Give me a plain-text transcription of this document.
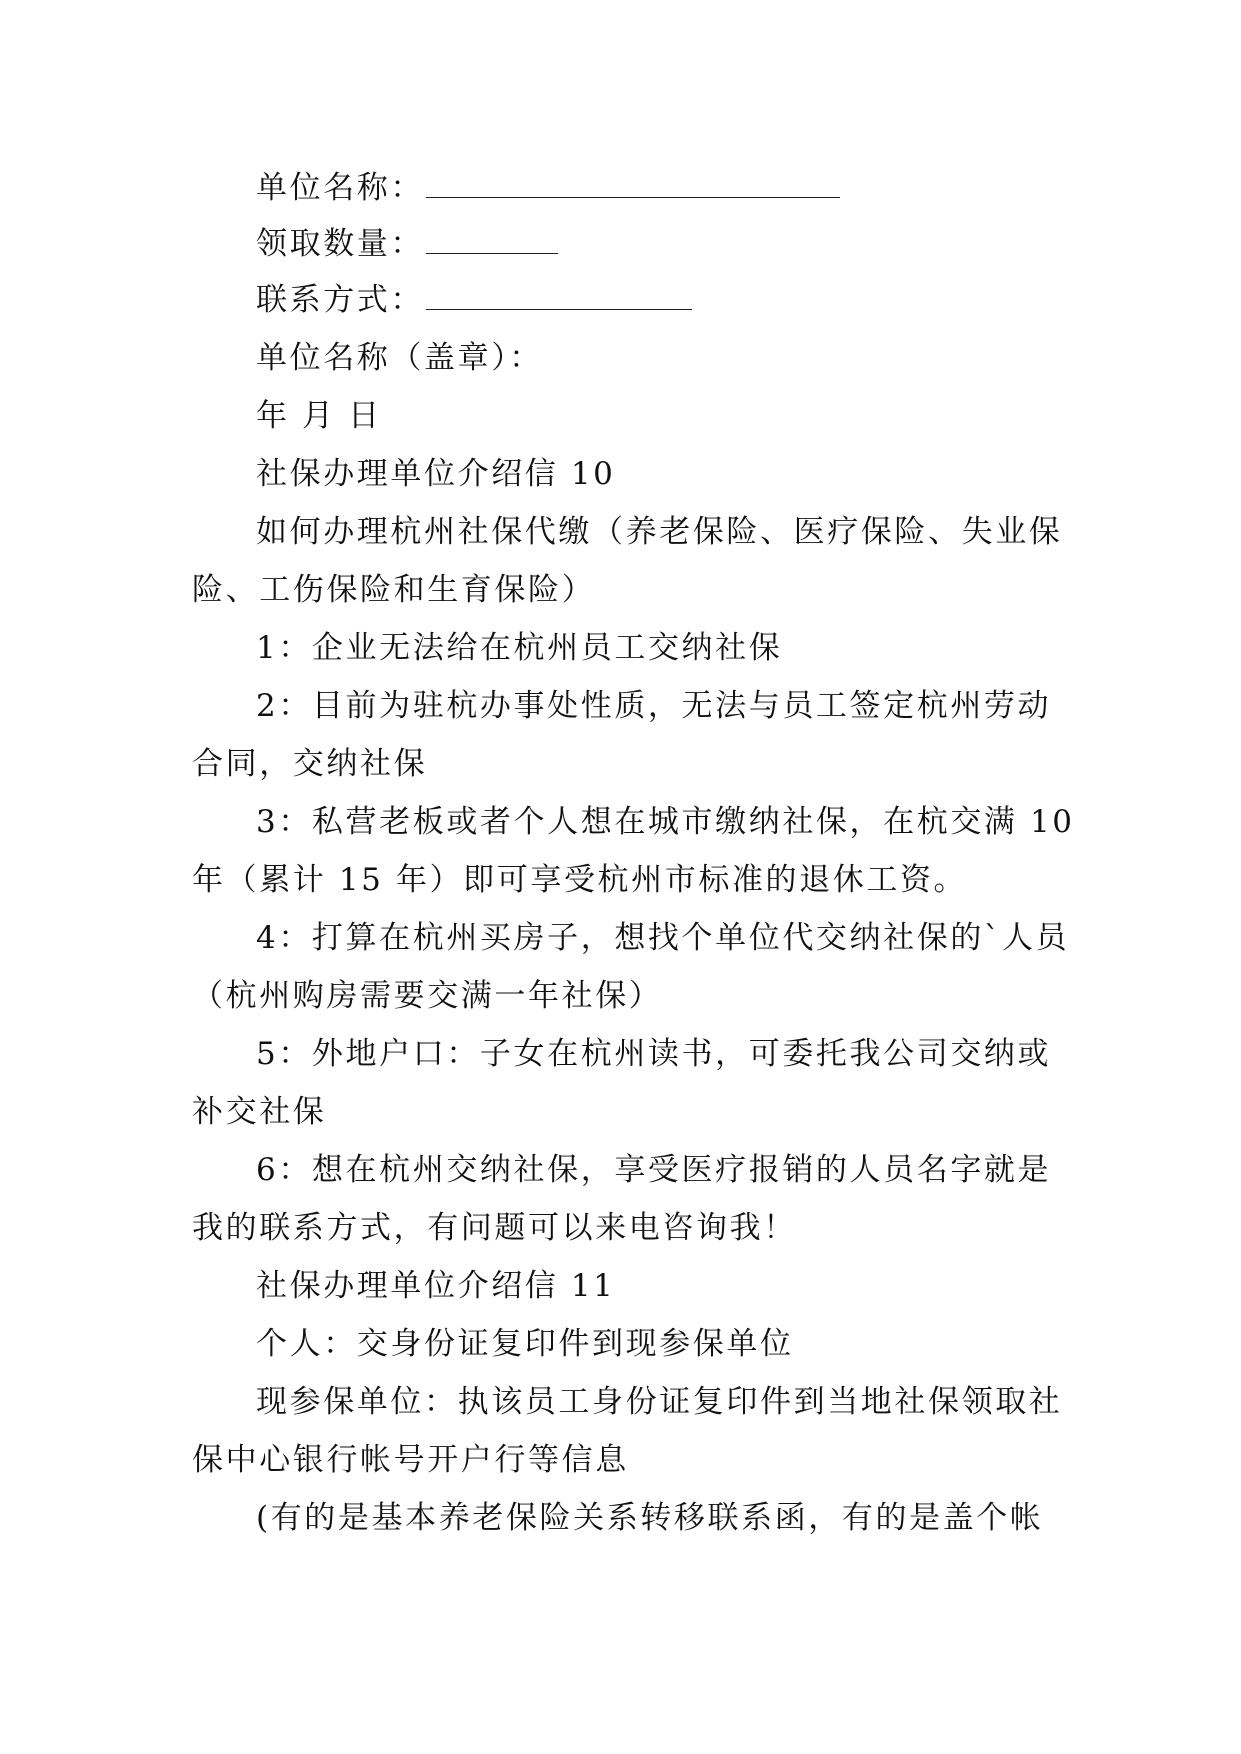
单位名称：
领取数量：
联系方式：
单位名称（盖章）：
年 月 日
社保办理单位介绍信 10
如何办理杭州社保代缴（养老保险、医疗保险、失业保
险、工伤保险和生育保险）
1：企业无法给在杭州员工交纳社保
2：目前为驻杭办事处性质，无法与员工签定杭州劳动
合同，交纳社保
3：私营老板或者个人想在城市缴纳社保，在杭交满 10
年（累计 15 年）即可享受杭州市标准的退休工资。
4：打算在杭州买房子，想找个单位代交纳社保的`人员
（杭州购房需要交满一年社保）
5：外地户口：子女在杭州读书，可委托我公司交纳或
补交社保
6：想在杭州交纳社保，享受医疗报销的人员名字就是
我的联系方式，有问题可以来电咨询我！
社保办理单位介绍信 11
个人：交身份证复印件到现参保单位
现参保单位：执该员工身份证复印件到当地社保领取社
保中心银行帐号开户行等信息
(有的是基本养老保险关系转移联系函，有的是盖个帐
